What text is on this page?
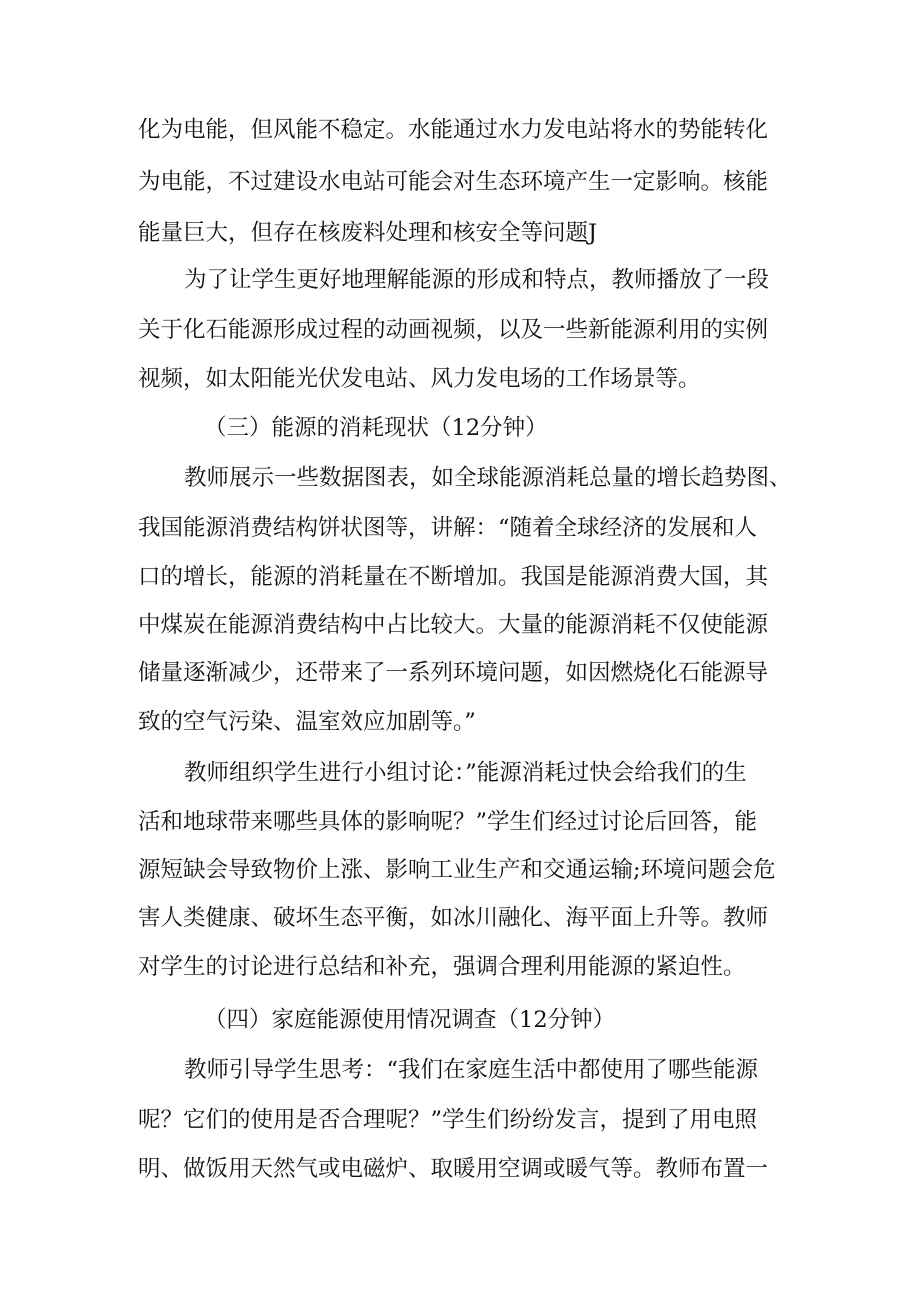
化为电能，但风能不稳定。水能通过水力发电站将水的势能转化
为电能，不过建设水电站可能会对生态环境产生一定影响。核能
能量巨大，但存在核废料处理和核安全等问题J
为了让学生更好地理解能源的形成和特点，教师播放了一段
关于化石能源形成过程的动画视频，以及一些新能源利用的实例
视频，如太阳能光伏发电站、风力发电场的工作场景等。
（三）能源的消耗现状（12分钟）
教师展示一些数据图表，如全球能源消耗总量的增长趋势图、
我国能源消费结构饼状图等，讲解：“随着全球经济的发展和人
口的增长，能源的消耗量在不断增加。我国是能源消费大国，其
中煤炭在能源消费结构中占比较大。大量的能源消耗不仅使能源
储量逐渐减少，还带来了一系列环境问题，如因燃烧化石能源导
致的空气污染、温室效应加剧等。”
教师组织学生进行小组讨论：”能源消耗过快会给我们的生
活和地球带来哪些具体的影响呢？”学生们经过讨论后回答，能
源短缺会导致物价上涨、影响工业生产和交通运输;环境问题会危
害人类健康、破坏生态平衡，如冰川融化、海平面上升等。教师
对学生的讨论进行总结和补充，强调合理利用能源的紧迫性。
（四）家庭能源使用情况调查（12分钟）
教师引导学生思考：“我们在家庭生活中都使用了哪些能源
呢？它们的使用是否合理呢？”学生们纷纷发言，提到了用电照
明、做饭用天然气或电磁炉、取暖用空调或暖气等。教师布置一
